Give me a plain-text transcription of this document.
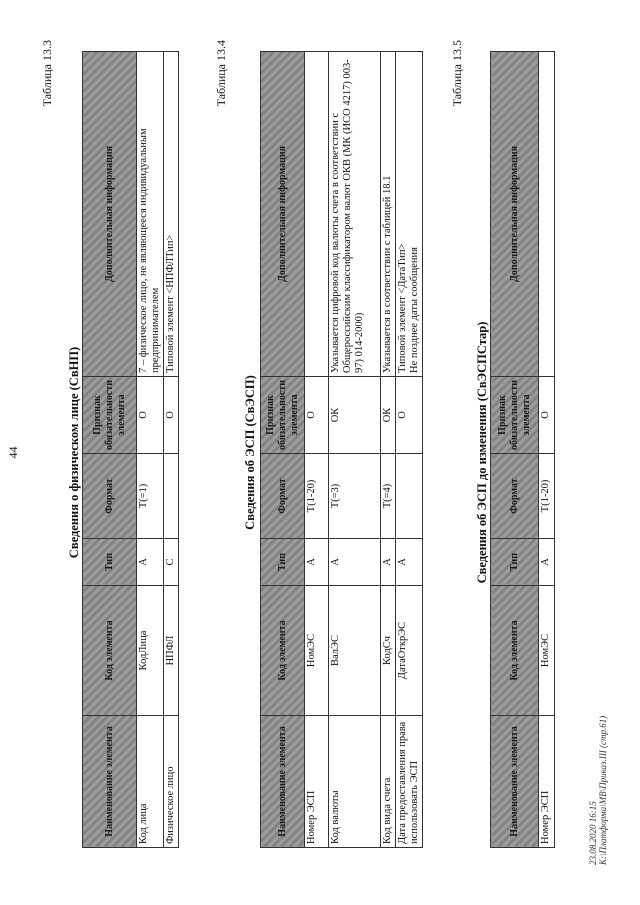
44
Таблица 13.3
Сведения о физическом лице (СвНП)
Наименование элемента	Код элемента	Тип	Формат	Признак обязательности элемента	Дополнительная информация
Код лица	КодЛица	А	Т(=1)	О	7 – физическое лицо, не являющееся индивидуальным предпринимателем
Физическое лицо	НПФЛ	С		О	Типовой элемент <НПФЛТип>
Таблица 13.4
Сведения об ЭСП (СвЭСП)
Наименование элемента	Код элемента	Тип	Формат	Признак обязательности элемента	Дополнительная информация
Номер ЭСП	НомЭС	А	Т(1-20)	О	
Код валюты	ВалЭС	А	Т(=3)	ОК	Указывается цифровой код валюты счета в соответствии с Общероссийским классификатором валют ОКВ (МК (ИСО 4217) 003-97) 014-2000)
Код вида счета	КодСч	А	Т(=4)	ОК	Указывается в соответствии с таблицей 18.1
Дата предоставления права использовать ЭСП	ДатаОткрЭС	А		О	Типовой элемент <ДатаТип>
Не позднее даты сообщения
Таблица 13.5
Сведения об ЭСП до изменения (СвЭСПСтар)
Наименование элемента	Код элемента	Тип	Формат	Признак обязательности элемента	Дополнительная информация
Номер ЭСП	НомЭС	А	Т(1-20)	О	
23.08.2020 16:15 К:\Платформа\МВ\Приказ.III (стр.61)
